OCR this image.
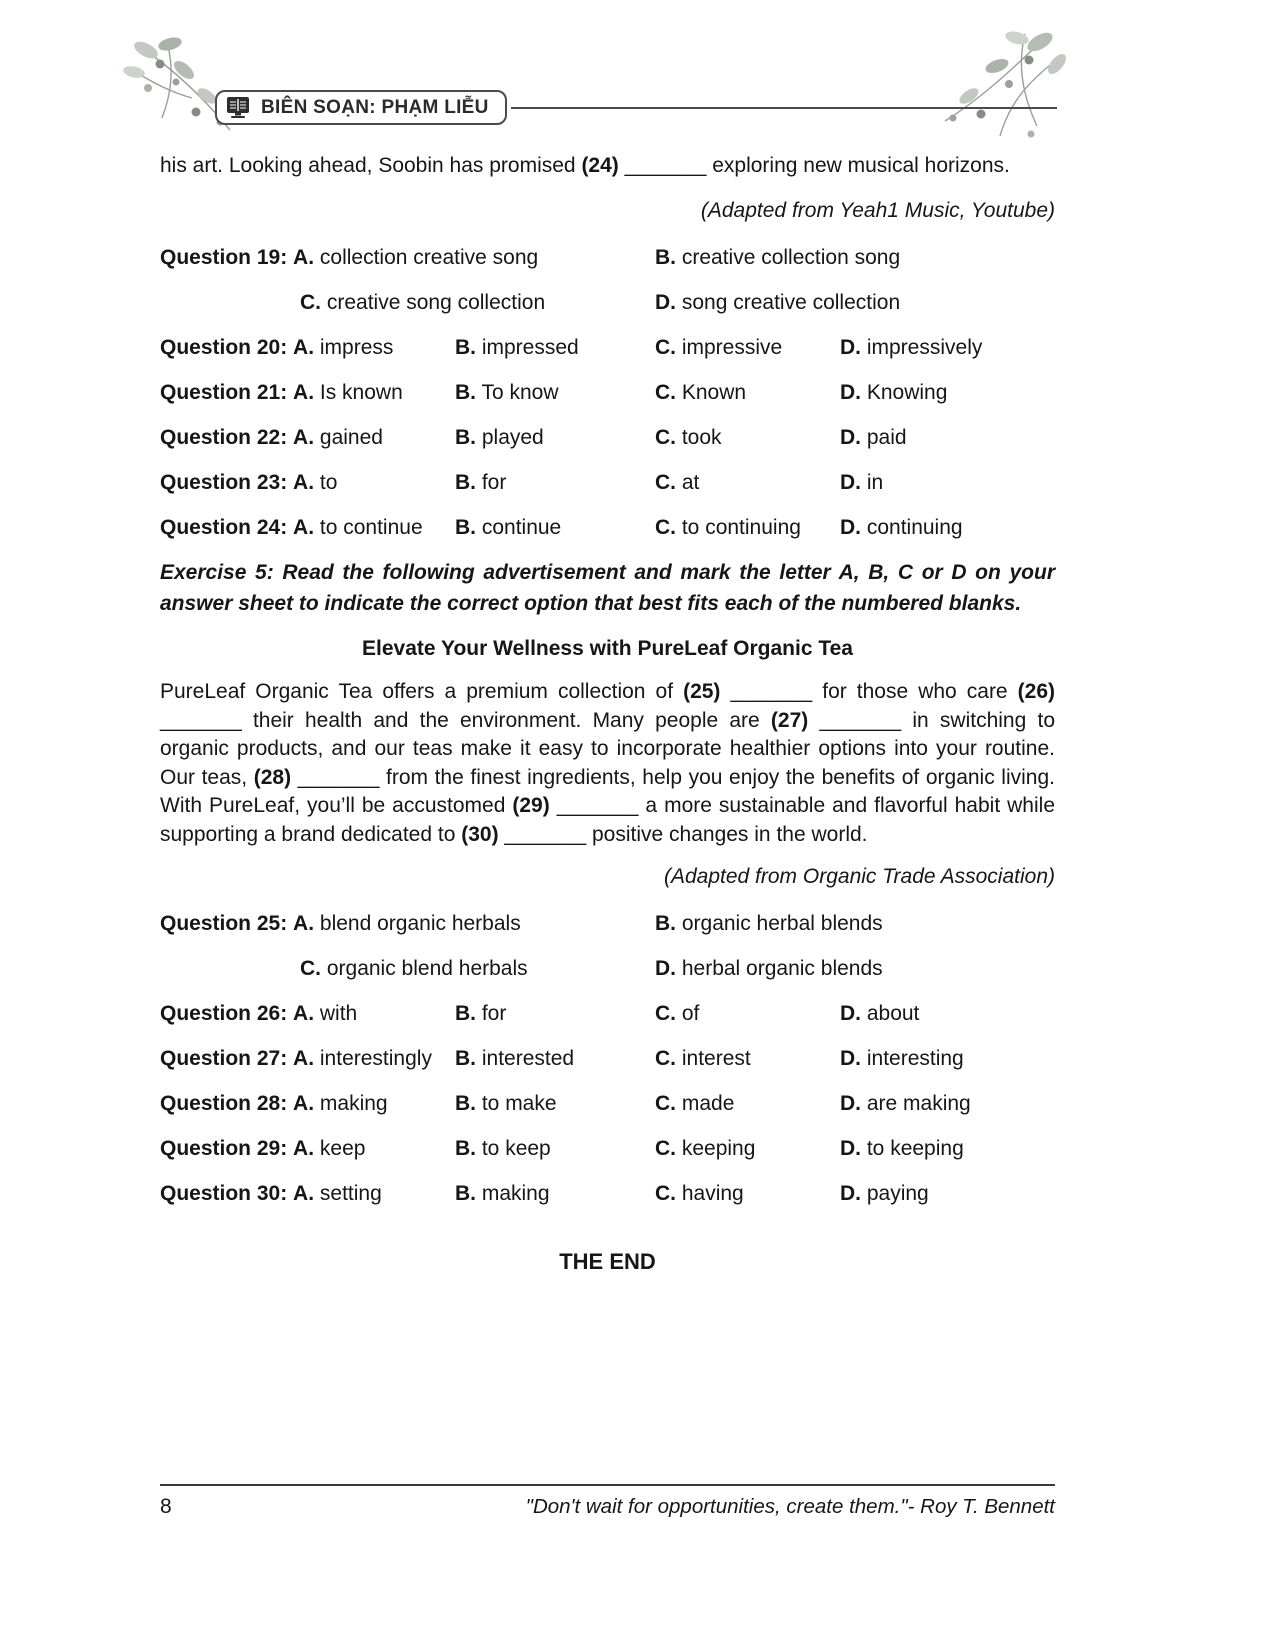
BIÊN SOẠN: PHẠM LIỄU

his art. Looking ahead, Soobin has promised (24) _______ exploring new musical horizons.

(Adapted from Yeah1 Music, Youtube)

Question 19: A. collection creative song	B. creative collection song
C. creative song collection	D. song creative collection
Question 20: A. impress	B. impressed	C. impressive	D. impressively
Question 21: A. Is known	B. To know	C. Known	D. Knowing
Question 22: A. gained	B. played	C. took	D. paid
Question 23: A. to	B. for	C. at	D. in
Question 24: A. to continue	B. continue	C. to continuing	D. continuing

Exercise 5: Read the following advertisement and mark the letter A, B, C or D on your answer sheet to indicate the correct option that best fits each of the numbered blanks.

Elevate Your Wellness with PureLeaf Organic Tea

PureLeaf Organic Tea offers a premium collection of (25) _______ for those who care (26) _______ their health and the environment. Many people are (27) _______ in switching to organic products, and our teas make it easy to incorporate healthier options into your routine. Our teas, (28) _______ from the finest ingredients, help you enjoy the benefits of organic living. With PureLeaf, you’ll be accustomed (29) _______ a more sustainable and flavorful habit while supporting a brand dedicated to (30) _______ positive changes in the world.

(Adapted from Organic Trade Association)

Question 25: A. blend organic herbals	B. organic herbal blends
C. organic blend herbals	D. herbal organic blends
Question 26: A. with	B. for	C. of	D. about
Question 27: A. interestingly	B. interested	C. interest	D. interesting
Question 28: A. making	B. to make	C. made	D. are making
Question 29: A. keep	B. to keep	C. keeping	D. to keeping
Question 30: A. setting	B. making	C. having	D. paying

THE END

8	"Don't wait for opportunities, create them."- Roy T. Bennett
